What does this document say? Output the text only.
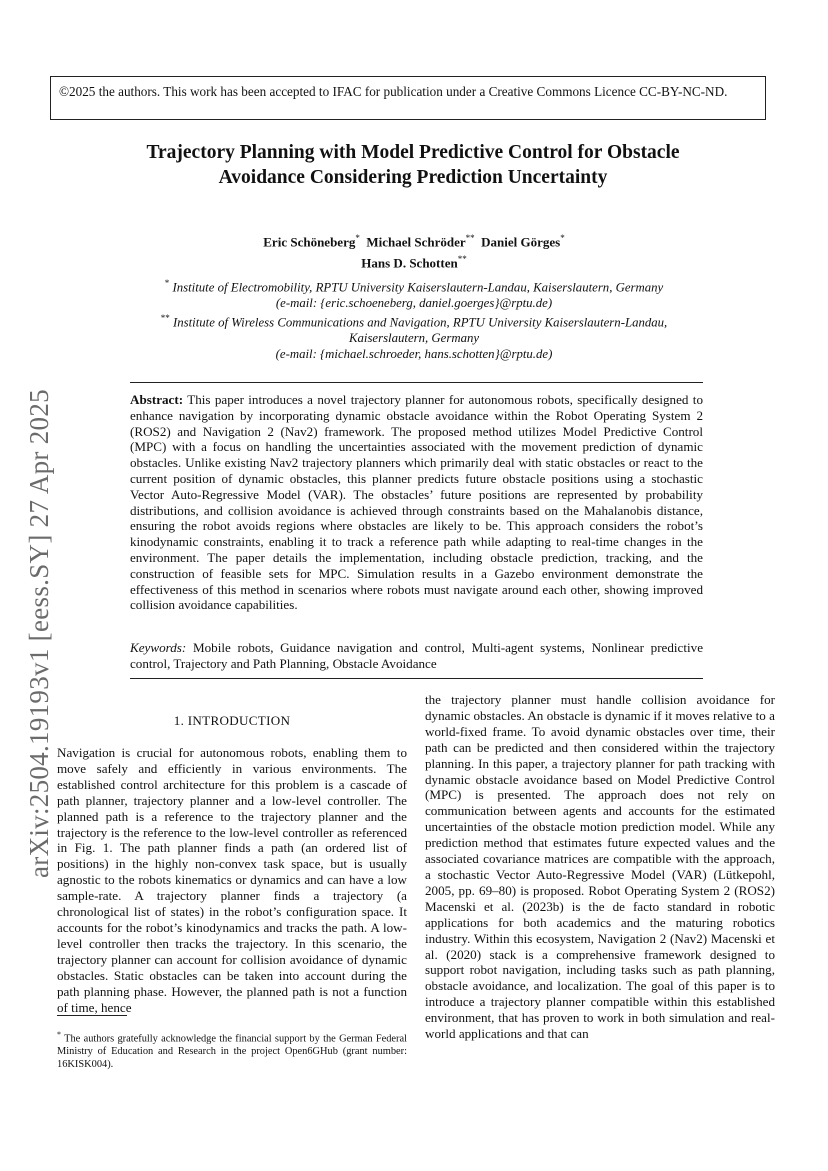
©2025 the authors. This work has been accepted to IFAC for publication under a Creative Commons Licence CC-BY-NC-ND.
arXiv:2504.19193v1 [eess.SY] 27 Apr 2025
Trajectory Planning with Model Predictive Control for Obstacle Avoidance Considering Prediction Uncertainty
Eric Schöneberg* Michael Schröder** Daniel Görges*
Hans D. Schotten**
* Institute of Electromobility, RPTU University Kaiserslautern-Landau, Kaiserslautern, Germany
(e-mail: {eric.schoeneberg, daniel.goerges}@rptu.de)
** Institute of Wireless Communications and Navigation, RPTU University Kaiserslautern-Landau, Kaiserslautern, Germany
(e-mail: {michael.schroeder, hans.schotten}@rptu.de)
Abstract: This paper introduces a novel trajectory planner for autonomous robots, specifically designed to enhance navigation by incorporating dynamic obstacle avoidance within the Robot Operating System 2 (ROS2) and Navigation 2 (Nav2) framework. The proposed method utilizes Model Predictive Control (MPC) with a focus on handling the uncertainties associated with the movement prediction of dynamic obstacles. Unlike existing Nav2 trajectory planners which primarily deal with static obstacles or react to the current position of dynamic obstacles, this planner predicts future obstacle positions using a stochastic Vector Auto-Regressive Model (VAR). The obstacles’ future positions are represented by probability distributions, and collision avoidance is achieved through constraints based on the Mahalanobis distance, ensuring the robot avoids regions where obstacles are likely to be. This approach considers the robot’s kinodynamic constraints, enabling it to track a reference path while adapting to real-time changes in the environment. The paper details the implementation, including obstacle prediction, tracking, and the construction of feasible sets for MPC. Simulation results in a Gazebo environment demonstrate the effectiveness of this method in scenarios where robots must navigate around each other, showing improved collision avoidance capabilities.
Keywords: Mobile robots, Guidance navigation and control, Multi-agent systems, Nonlinear predictive control, Trajectory and Path Planning, Obstacle Avoidance
1. INTRODUCTION
Navigation is crucial for autonomous robots, enabling them to move safely and efficiently in various environments. The established control architecture for this problem is a cascade of path planner, trajectory planner and a low-level controller. The planned path is a reference to the trajectory planner and the trajectory is the reference to the low-level controller as referenced in Fig. 1. The path planner finds a path (an ordered list of positions) in the highly non-convex task space, but is usually agnostic to the robots kinematics or dynamics and can have a low sample-rate. A trajectory planner finds a trajectory (a chronological list of states) in the robot’s configuration space. It accounts for the robot’s kinodynamics and tracks the path. A low-level controller then tracks the trajectory. In this scenario, the trajectory planner can account for collision avoidance of dynamic obstacles. Static obstacles can be taken into account during the path planning phase. However, the planned path is not a function of time, hence
the trajectory planner must handle collision avoidance for dynamic obstacles. An obstacle is dynamic if it moves relative to a world-fixed frame. To avoid dynamic obstacles over time, their path can be predicted and then considered within the trajectory planning. In this paper, a trajectory planner for path tracking with dynamic obstacle avoidance based on Model Predictive Control (MPC) is presented. The approach does not rely on communication between agents and accounts for the estimated uncertainties of the obstacle motion prediction model. While any prediction method that estimates future expected values and the associated covariance matrices are compatible with the approach, a stochastic Vector Auto-Regressive Model (VAR) (Lütkepohl, 2005, pp. 69–80) is proposed. Robot Operating System 2 (ROS2) Macenski et al. (2023b) is the de facto standard in robotic applications for both academics and the maturing robotics industry. Within this ecosystem, Navigation 2 (Nav2) Macenski et al. (2020) stack is a comprehensive framework designed to support robot navigation, including tasks such as path planning, obstacle avoidance, and localization. The goal of this paper is to introduce a trajectory planner compatible within this established environment, that has proven to work in both simulation and real-world applications and that can
* The authors gratefully acknowledge the financial support by the German Federal Ministry of Education and Research in the project Open6GHub (grant number: 16KISK004).
